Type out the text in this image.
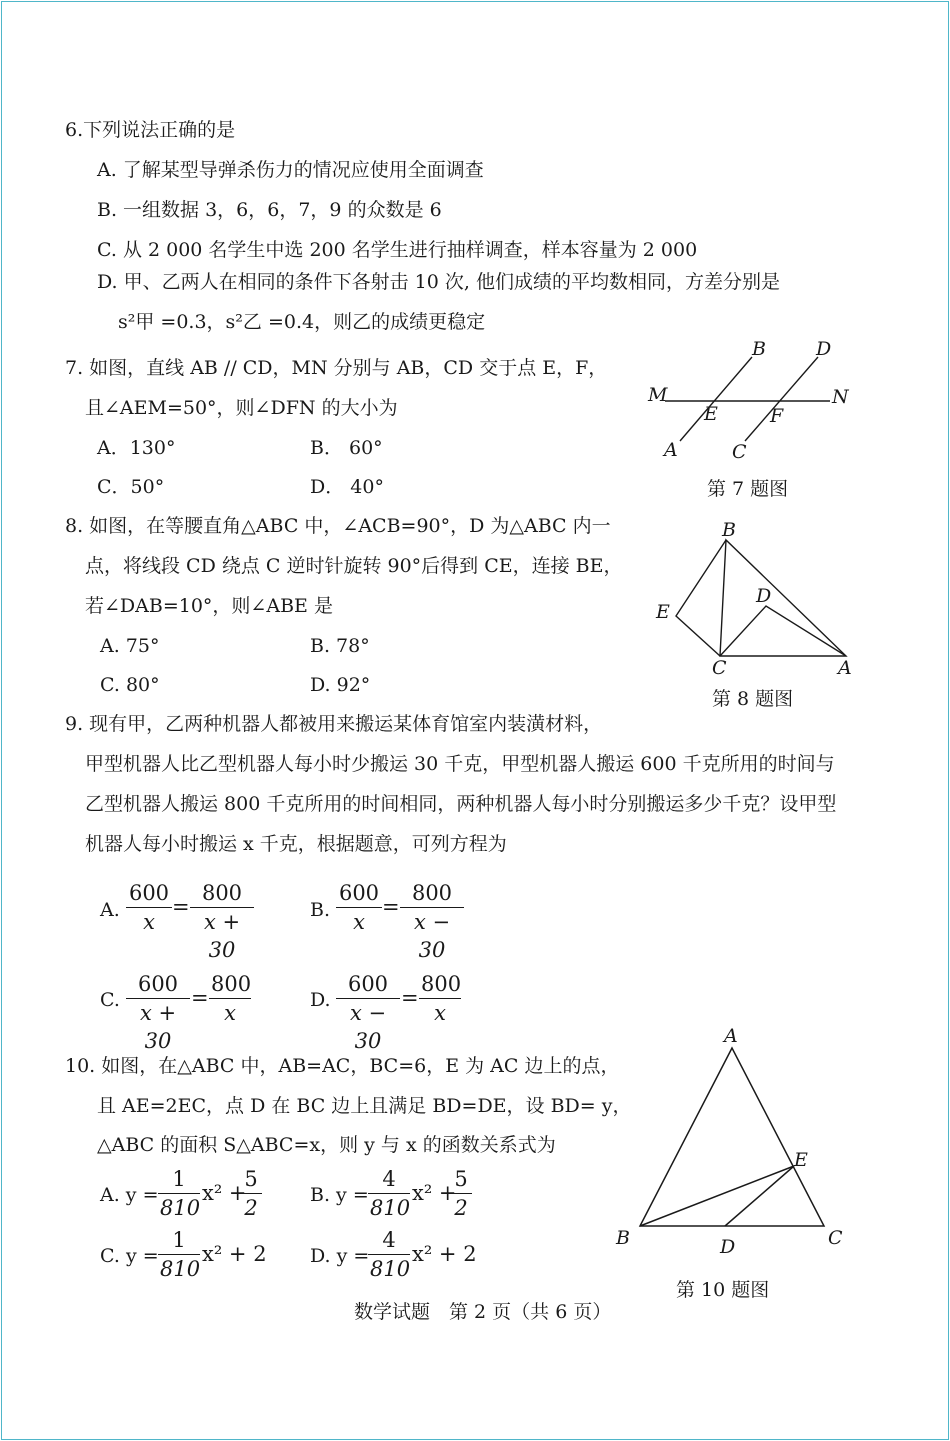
6.下列说法正确的是
A. 了解某型导弹杀伤力的情况应使用全面调查
B. 一组数据 3，6，6，7，9 的众数是 6
C. 从 2 000 名学生中选 200 名学生进行抽样调查，样本容量为 2 000
D. 甲、乙两人在相同的条件下各射击 10 次, 他们成绩的平均数相同，方差分别是
s²甲 =0.3，s²乙 =0.4，则乙的成绩更稳定
7. 如图，直线 AB // CD，MN 分别与 AB，CD 交于点 E，F，
且∠AEM=50°，则∠DFN 的大小为
A．130°	B． 60°
C．50°	D． 40°
B	D
M	N
E	F
A	C
第 7 题图
8. 如图，在等腰直角△ABC 中，∠ACB=90°，D 为△ABC 内一
点，将线段 CD 绕点 C 逆时针旋转 90°后得到 CE，连接 BE，
若∠DAB=10°，则∠ABE 是
A. 75°	B. 78°
C. 80°	D. 92°
B
E
D
C	A
第 8 题图
9. 现有甲，乙两种机器人都被用来搬运某体育馆室内装潢材料，
甲型机器人比乙型机器人每小时少搬运 30 千克，甲型机器人搬运 600 千克所用的时间与
乙型机器人搬运 800 千克所用的时间相同，两种机器人每小时分别搬运多少千克？设甲型
机器人每小时搬运 x 千克，根据题意，可列方程为
A. $\frac{600}{x} = \frac{800}{x + 30}$	B. $\frac{600}{x} = \frac{800}{x - 30}$
C. $\frac{600}{x + 30} = \frac{800}{x}$	D. $\frac{600}{x - 30} = \frac{800}{x}$
10. 如图，在△ABC 中，AB=AC，BC=6，E 为 AC 边上的点，
且 AE=2EC，点 D 在 BC 边上且满足 BD=DE，设 BD= y，
△ABC 的面积 S△ABC=x，则 y 与 x 的函数关系式为
A. $y = \frac{1}{810} x^2$ +
$\frac{5}{2}$	B. $y = \frac{4}{810} x^2$ +
$\frac{5}{2}$
C. $y = \frac{1}{810} x^2 + 2$ D. y =
$\frac{4}{810} x^2 + 2$
A
E
B	D	C
第 10 题图
数学试题　第 2 页（共 6 页）
